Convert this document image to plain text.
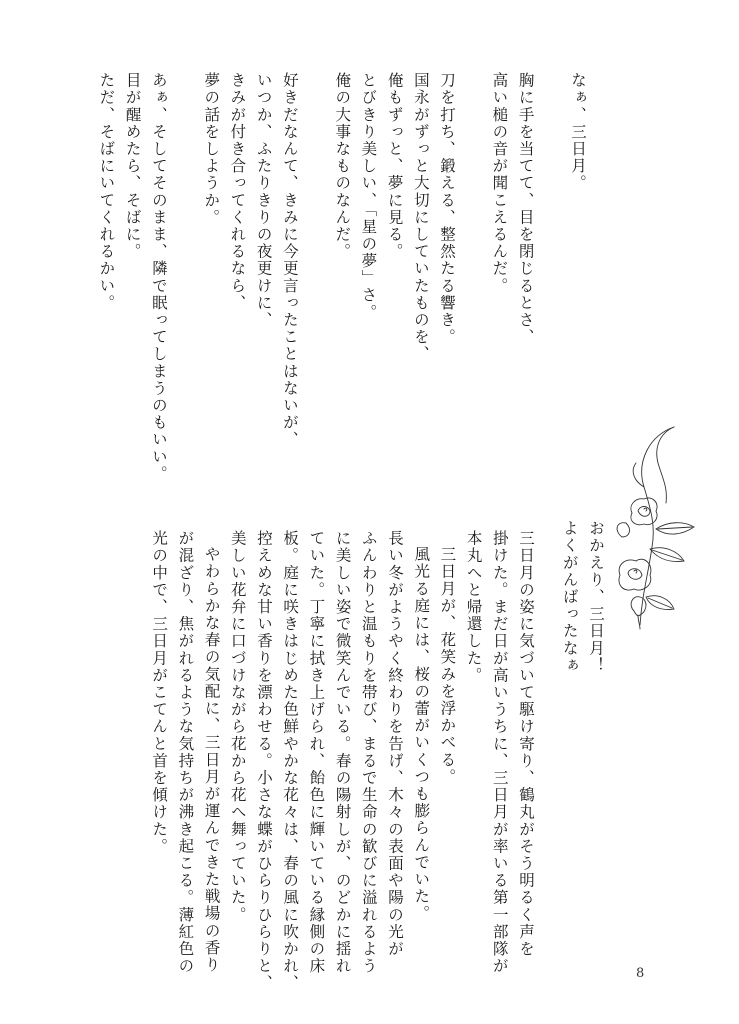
なぁ、三日月。

胸に手を当てて、目を閉じるとさ、

高い槌の音が聞こえるんだ。

刀を打ち、鍛える、整然たる響き。

国永がずっと大切にしていたものを、

俺もずっと、夢に見る。

とびきり美しい、「星の夢」さ。

俺の大事なものなんだ。

好きだなんて、きみに今更言ったことはないが、

いつか、ふたりきりの夜更けに、

きみが付き合ってくれるなら、

夢の話をしようか。

あぁ、そしてそのまま、隣で眠ってしまうのもいい。

目が醒めたら、そばに。

ただ、そばにいてくれるかい。

おかえり、三日月！

よくがんばったなぁ

三日月の姿に気づいて駆け寄り、鶴丸がそう明るく声を

掛けた。まだ日が高いうちに、三日月が率いる第一部隊が

本丸へと帰還した。

三日月が、花笑みを浮かべる。

風光る庭には、桜の蕾がいくつも膨らんでいた。

長い冬がようやく終わりを告げ、木々の表面や陽の光が

ふんわりと温もりを帯び、まるで生命の歓びに溢れるよう

に美しい姿で微笑んでいる。春の陽射しが、のどかに揺れ

ていた。丁寧に拭き上げられ、飴色に輝いている縁側の床

板。庭に咲きはじめた色鮮やかな花々は、春の風に吹かれ、

控えめな甘い香りを漂わせる。小さな蝶がひらりひらりと、

美しい花弁に口づけながら花から花へ舞っていた。

やわらかな春の気配に、三日月が運んできた戦場の香り

が混ざり、焦がれるような気持ちが沸き起こる。薄紅色の

光の中で、三日月がこてんと首を傾けた。

8
